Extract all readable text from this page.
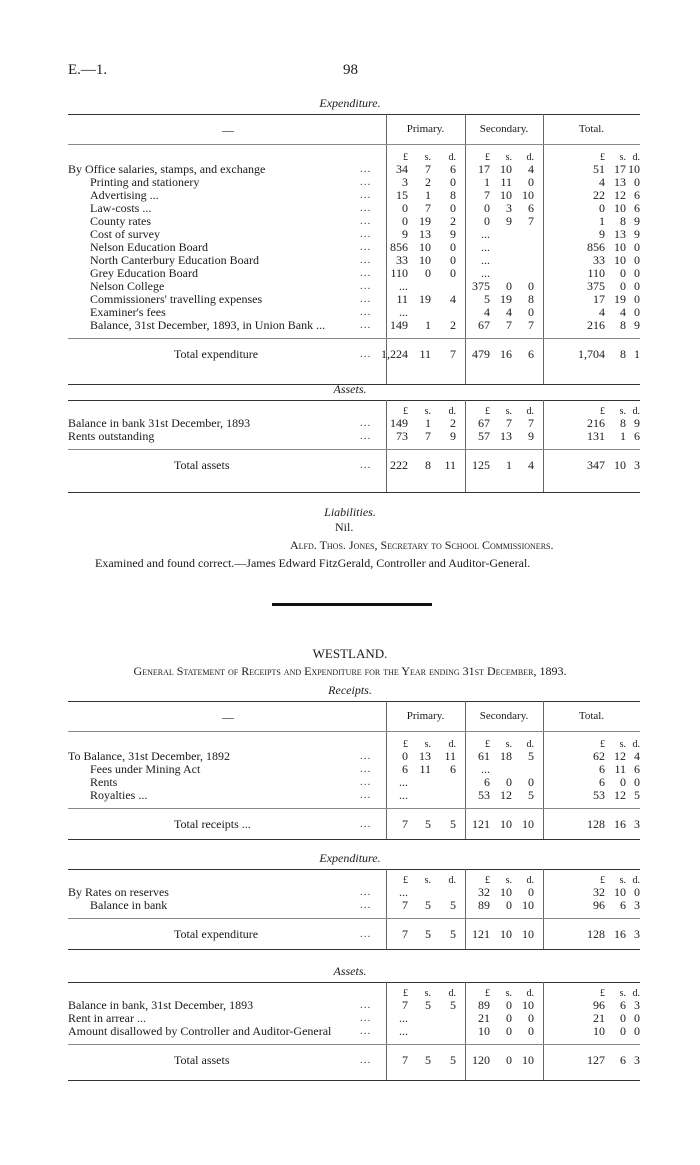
E.—1.	98
Expenditure.
—	Primary.	Secondary.	Total.
£	s.	d.	£	s.	d.	£	s. d.
By Office salaries, stamps, and exchange	...	34	7	6	17 10	4	51 17 10
Printing and stationery	...	3	2	0	1 11	0	4 13 0
Advertising ...	...	15	1	8	7 10 10	22 12 6
Law-costs ...	...	0	7	0	0	3	6	0 10 6
County rates	...	0 19	2	0	9	7	1	8 9
Cost of survey	...	9 13	9	...	9 13 9
Nelson Education Board	...	856 10	0	...	856 10 0
North Canterbury Education Board	...	33 10	0	...	33 10 0
Grey Education Board	...	110	0	0	...	110	0 0
Nelson College	...	...	375	0	0	375	0 0
Commissioners' travelling expenses	...	11 19	4	5 19	8	17 19 0
Examiner's fees	...	...	4	4	0	4	4 0
Balance, 31st December, 1893, in Union Bank ...	...	149	1	2	67	7	7	216	8 9
Total expenditure	... 1,224 11	7	479 16	6	1,704	8 1
Assets.
£	s.	d.	£	s.	d.	£	s. d.
Balance in bank 31st December, 1893	...	149	1	2	67	7	7	216	8 9
Rents outstanding	...	73	7	9	57 13	9	131	1 6
Total assets	...	222	8	11	125	1	4	347 10 3
Liabilities.
Nil.
Alfd. Thos. Jones, Secretary to School Commissioners.
Examined and found correct.—James Edward FitzGerald, Controller and Auditor-General.
WESTLAND.
General Statement of Receipts and Expenditure for the Year ending 31st December, 1893.
Receipts.
—	Primary.	Secondary.	Total.
£	s.	d.	£	s.	d.	£	s. d.
To Balance, 31st December, 1892	...	0 13	11	61 18	5	62 12 4
Fees under Mining Act	...	6 11	6	...	6 11 6
Rents	...	...	6	0	0	6	0 0
Royalties ...	...	...	53 12	5	53 12 5
Total receipts ...	...	7	5	5	121 10 10	128 16 3
Expenditure.
£	s.	d.	£	s.	d.	£	s. d.
By Rates on reserves	...	...	32 10	0	32 10 0
Balance in bank	...	7	5	5	89	0 10	96	6 3
Total expenditure	...	7	5	5	121 10 10	128 16 3
Assets.
£	s.	d.	£	s.	d.	£	s. d.
Balance in bank, 31st December, 1893	...	7	5	5	89	0 10	96	6 3
Rent in arrear ...	...	...	21	0	0	21	0 0
Amount disallowed by Controller and Auditor-General	...	...	10	0	0	10	0 0
Total assets	...	7	5	5	120	0 10	127	6 3
